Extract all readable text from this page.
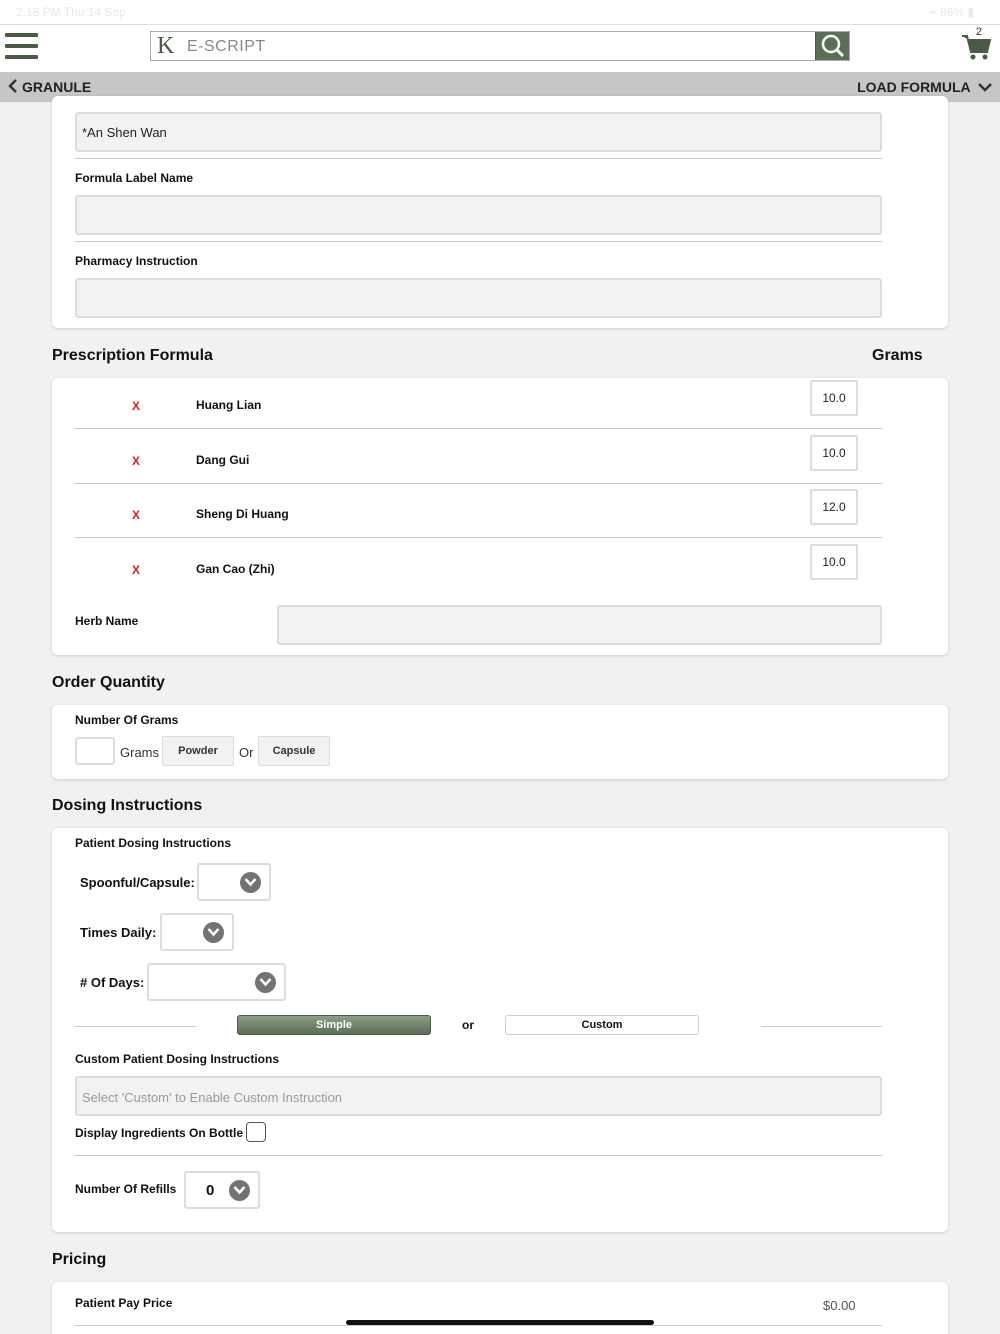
2:18 PM Thu 14 Sep	⌁ 86% ▮
K E-SCRIPT
2
GRANULE	LOAD FORMULA
*An Shen Wan
Formula Label Name
Pharmacy Instruction
Prescription Formula	Grams
X	Huang Lian	10.0
X	Dang Gui	10.0
X	Sheng Di Huang	12.0
X	Gan Cao (Zhi)	10.0
Herb Name
Order Quantity
Number Of Grams
Grams	Powder	Or	Capsule
Dosing Instructions
Patient Dosing Instructions
Spoonful/Capsule:
Times Daily:
# Of Days:
Simple	or	Custom
Custom Patient Dosing Instructions
Select 'Custom' to Enable Custom Instruction
Display Ingredients On Bottle
Number Of Refills 0
Pricing
Patient Pay Price	$0.00
